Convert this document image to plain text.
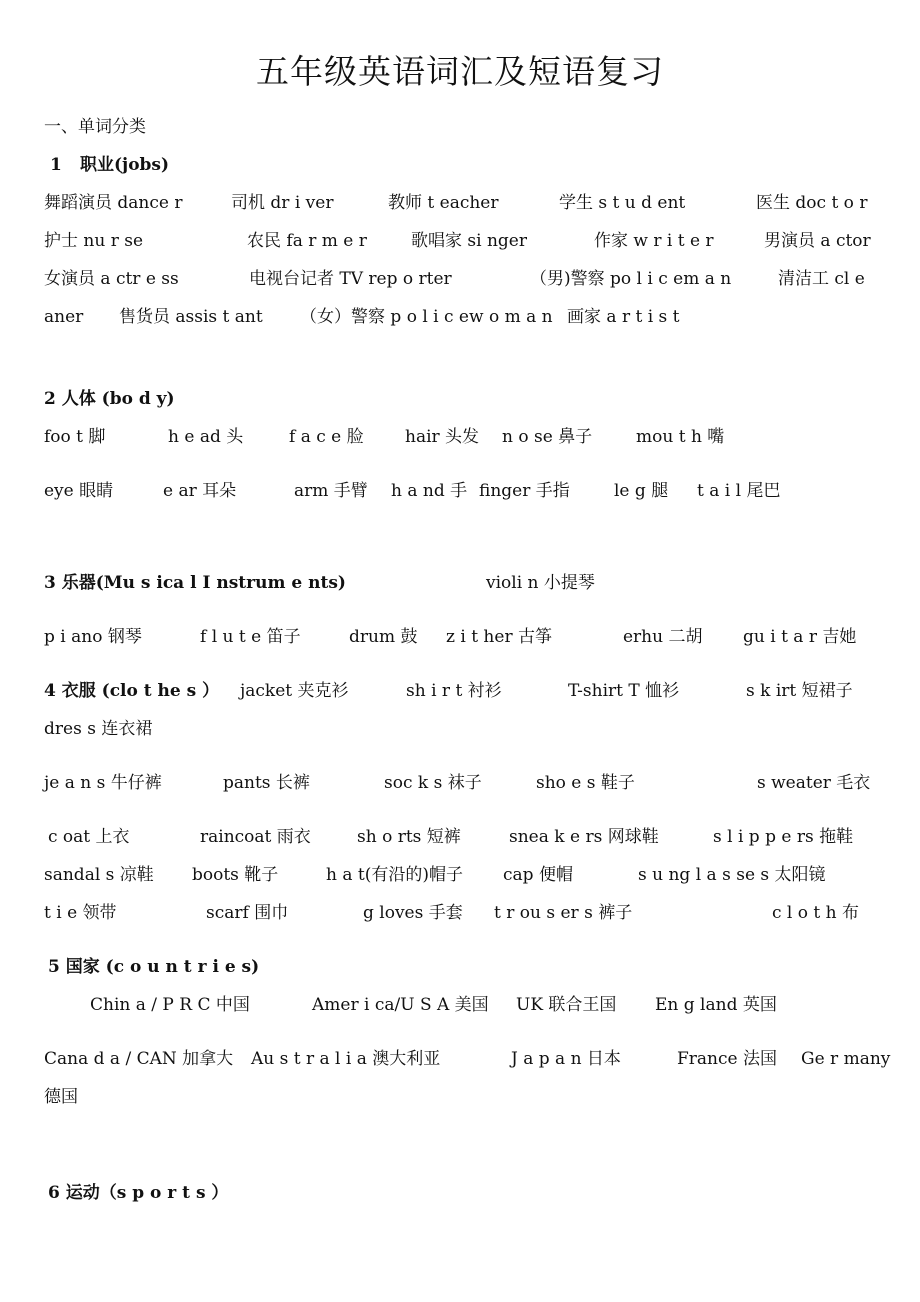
五年级英语词汇及短语复习
一、单词分类
1 职业(jobs)
舞蹈演员 dance r	司机 dr i ver	教师 t eacher	学生 s t u d ent	医生 doc t o r
护士 nu r se	农民 fa r m e r	歌唱家 si nger	作家 w r i t e r	男演员 a ctor
女演员 a ctr e ss	电视台记者 TV rep o rter	（男)警察 po l i c em a n	清洁工 cl e
aner 售货员 assis t ant （女）警察 p o l i c ew o m a n 画家 a r t i s t
2 人体 (bo d y)
foo t 脚	h e ad 头	f a c e 脸 hair 头发 n o se 鼻子	mou t h 嘴
eye 眼睛	e ar 耳朵	arm 手臂 h a nd 手 finger 手指	le g 腿 t a i l 尾巴
3 乐器(Mu s ica l I nstrum e nts)	violi n 小提琴
p i ano 钢琴	f l u t e 笛子	drum 鼓 z i t her 古筝	erhu 二胡 gu i t a r 吉她
4 衣服 (clo t he s ） jacket 夹克衫	sh i r t 衬衫	T-shirt T 恤衫	s k irt 短裙子
dres s 连衣裙
je a n s 牛仔裤	pants 长裤	soc k s 袜子	sho e s 鞋子	s weater 毛衣
c oat 上衣	raincoat 雨衣	sh o rts 短裤	snea k e rs 网球鞋	s l i p p e rs 拖鞋
sandal s 凉鞋 boots 靴子	h a t(有沿的)帽子 cap 便帽	s u ng l a s se s 太阳镜
t i e 领带	scarf 围巾	g loves 手套 t r ou s er s 裤子	c l o t h 布
5 国家 (c o u n t r i e s)
Chin a / P R C 中国	Amer i ca/U S A 美国 UK 联合王国 En g land 英国
Cana d a / CAN 加拿大 Au s t r a l i a 澳大利亚	J a p a n 日本	France 法国 Ge r many
德国
6 运动（s p o r t s ）
